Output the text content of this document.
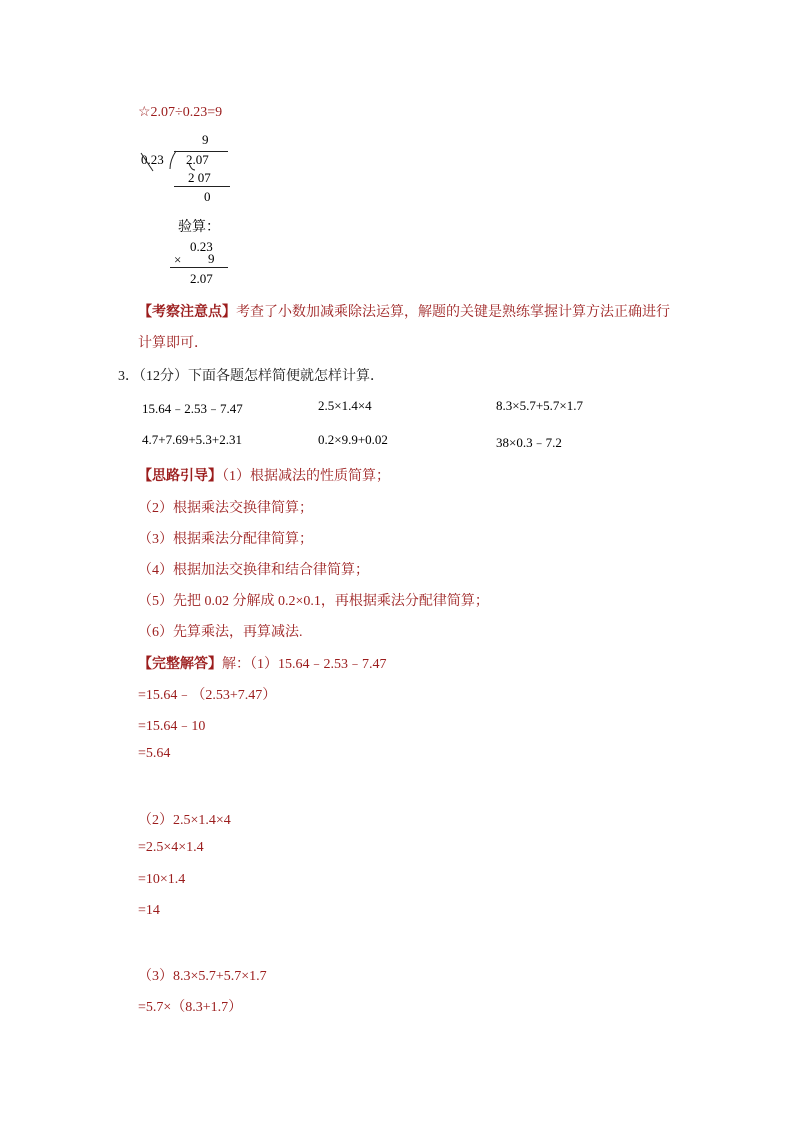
☆2.07÷0.23=9
9
0.23 2.07
2 07
0
验算：
0.23
× 9
2.07
【考察注意点】考查了小数加减乘除法运算，解题的关键是熟练掌握计算方法正确进行
计算即可．
3．（12分）下面各题怎样简便就怎样计算．
15.64﹣2.53﹣7.47	2.5×1.4×4	8.3×5.7+5.7×1.7
4.7+7.69+5.3+2.31	0.2×9.9+0.02	38×0.3﹣7.2
【思路引导】（1）根据减法的性质简算；
（2）根据乘法交换律简算；
（3）根据乘法分配律简算；
（4）根据加法交换律和结合律简算；
（5）先把 0.02 分解成 0.2×0.1，再根据乘法分配律简算；
（6）先算乘法，再算减法.
【完整解答】解：（1）15.64﹣2.53﹣7.47
=15.64﹣（2.53+7.47）
=15.64﹣10
=5.64
（2）2.5×1.4×4
=2.5×4×1.4
=10×1.4
=14
（3）8.3×5.7+5.7×1.7
=5.7×（8.3+1.7）
